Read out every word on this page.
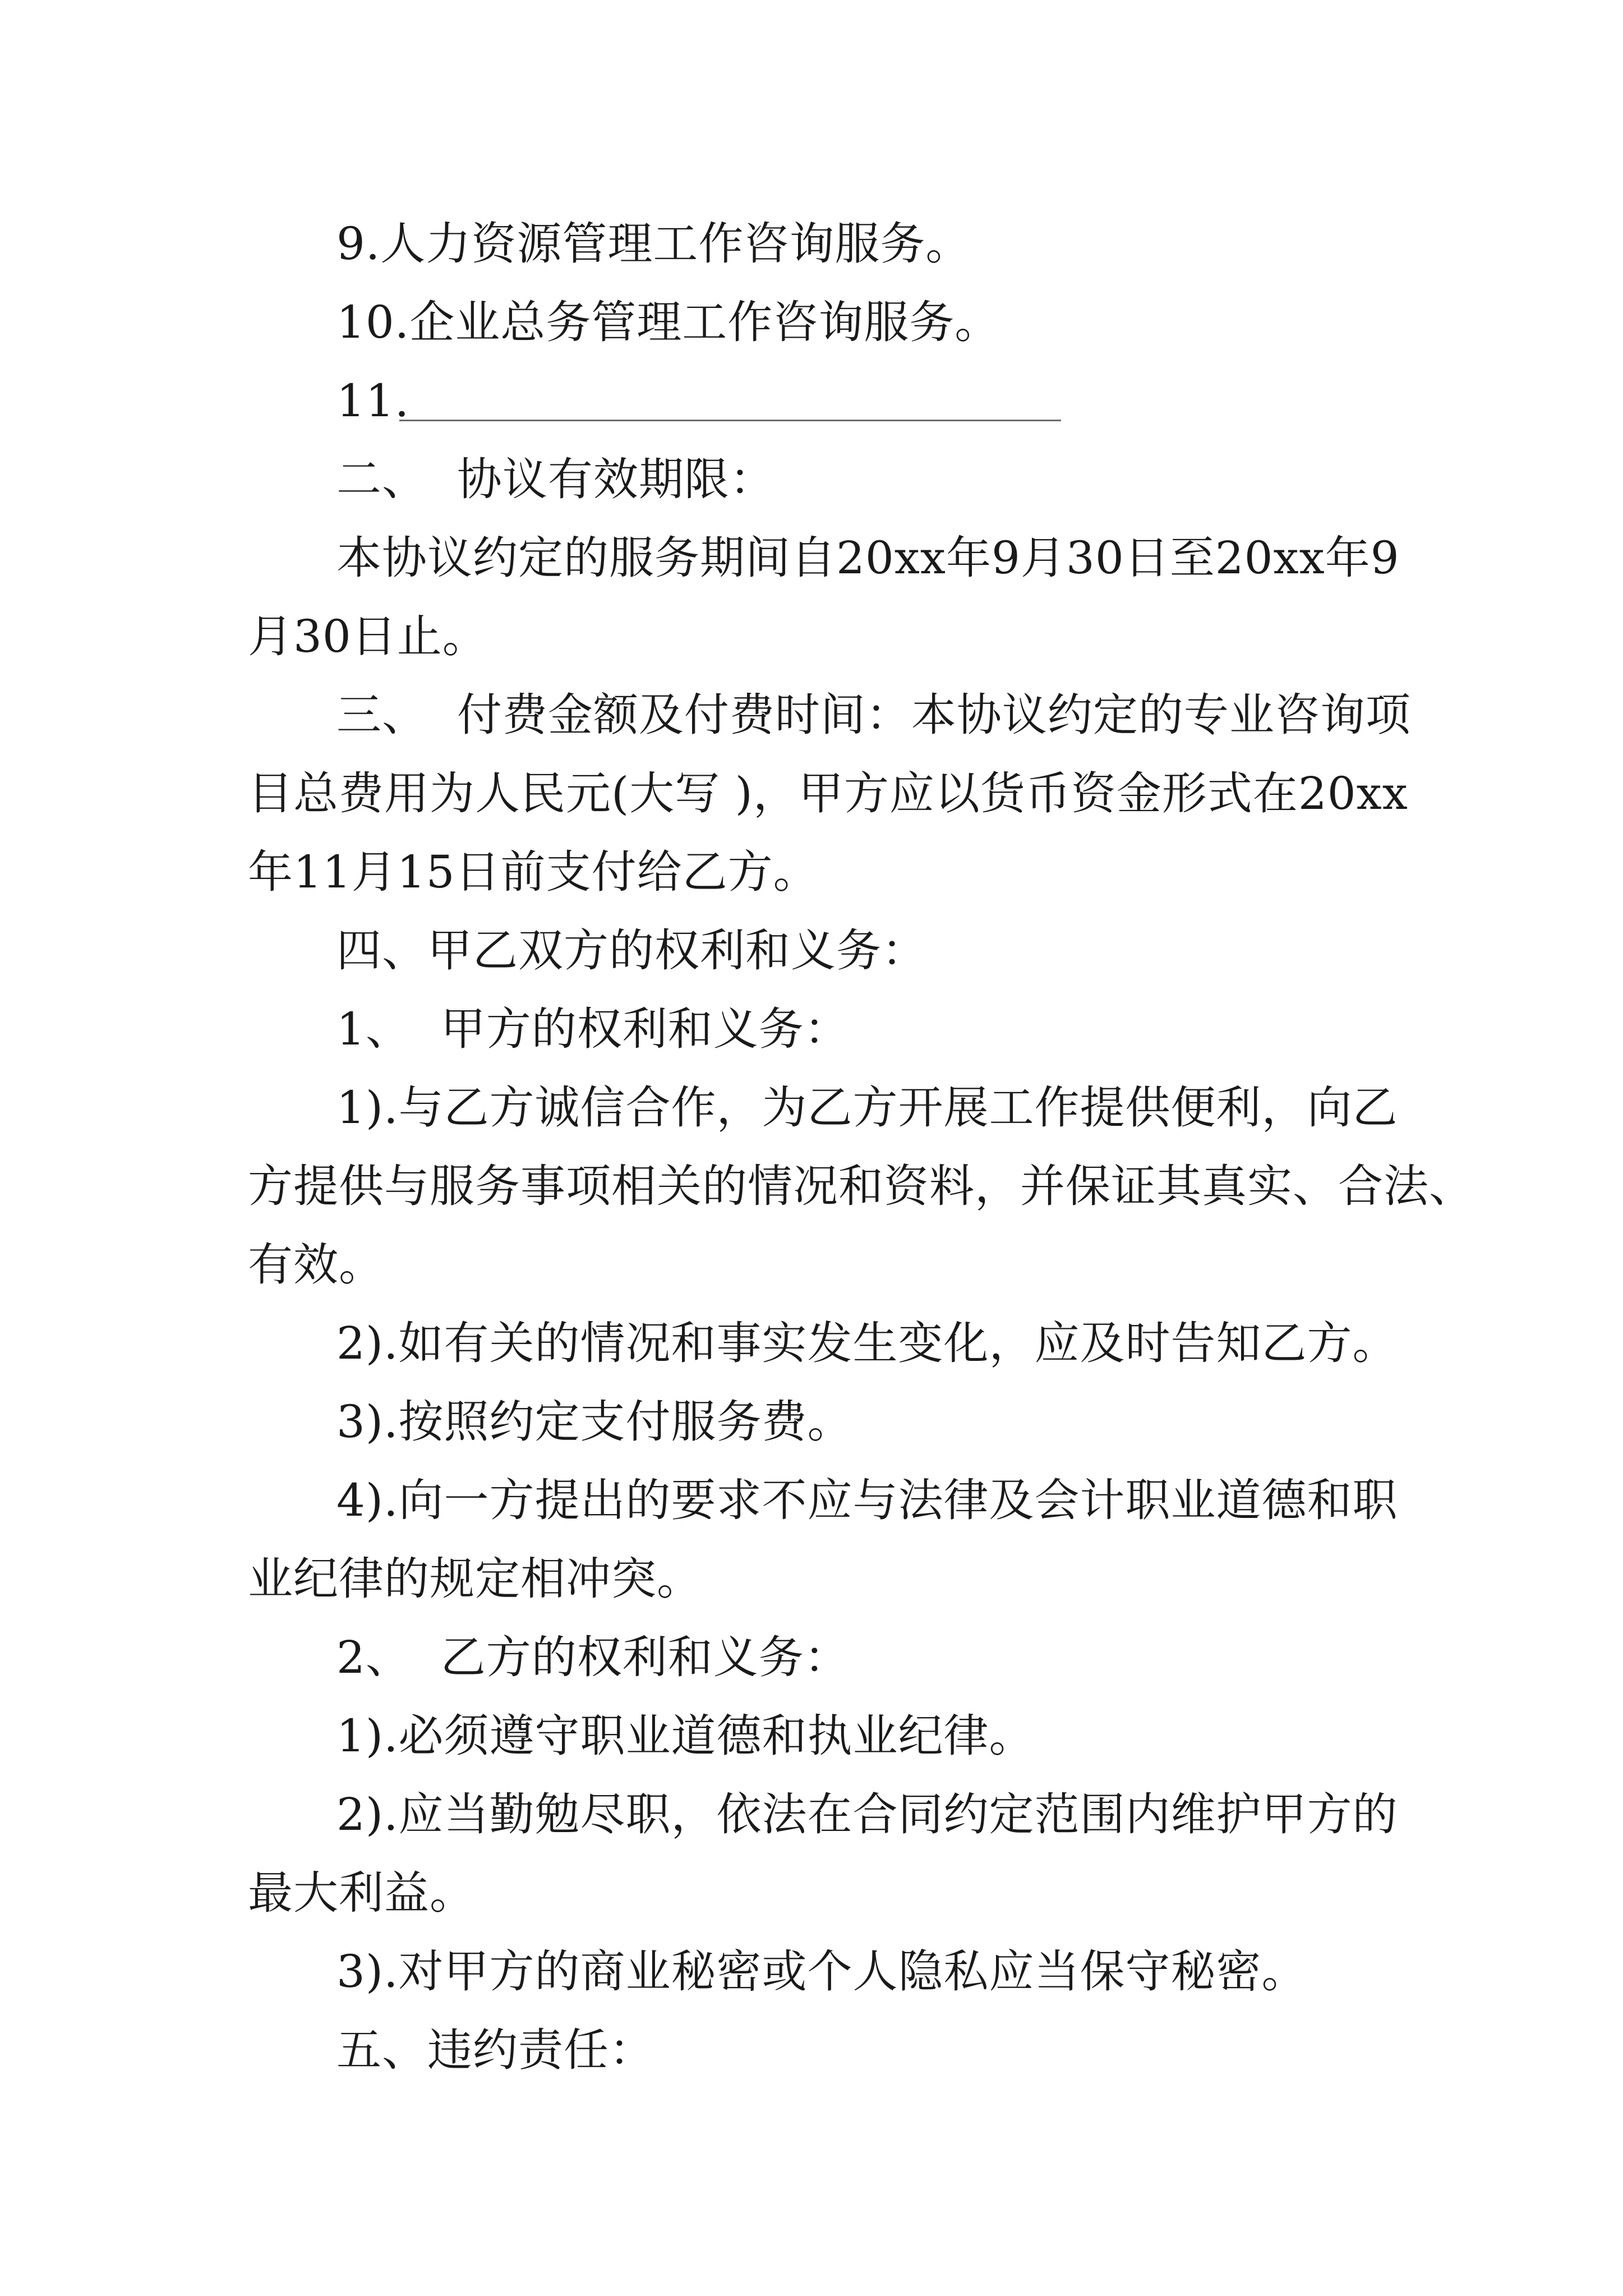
9.人力资源管理工作咨询服务。
10.企业总务管理工作咨询服务。
11.
二、  协议有效期限：
本协议约定的服务期间自20xx年9月30日至20xx年9
月30日止。
三、  付费金额及付费时间：本协议约定的专业咨询项
目总费用为人民元(大写 )，甲方应以货币资金形式在20xx
年11月15日前支付给乙方。
四、甲乙双方的权利和义务：
1、  甲方的权利和义务：
1).与乙方诚信合作，为乙方开展工作提供便利，向乙
方提供与服务事项相关的情况和资料，并保证其真实、合法、
有效。
2).如有关的情况和事实发生变化，应及时告知乙方。
3).按照约定支付服务费。
4).向一方提出的要求不应与法律及会计职业道德和职
业纪律的规定相冲突。
2、  乙方的权利和义务：
1).必须遵守职业道德和执业纪律。
2).应当勤勉尽职，依法在合同约定范围内维护甲方的
最大利益。
3).对甲方的商业秘密或个人隐私应当保守秘密。
五、违约责任：
